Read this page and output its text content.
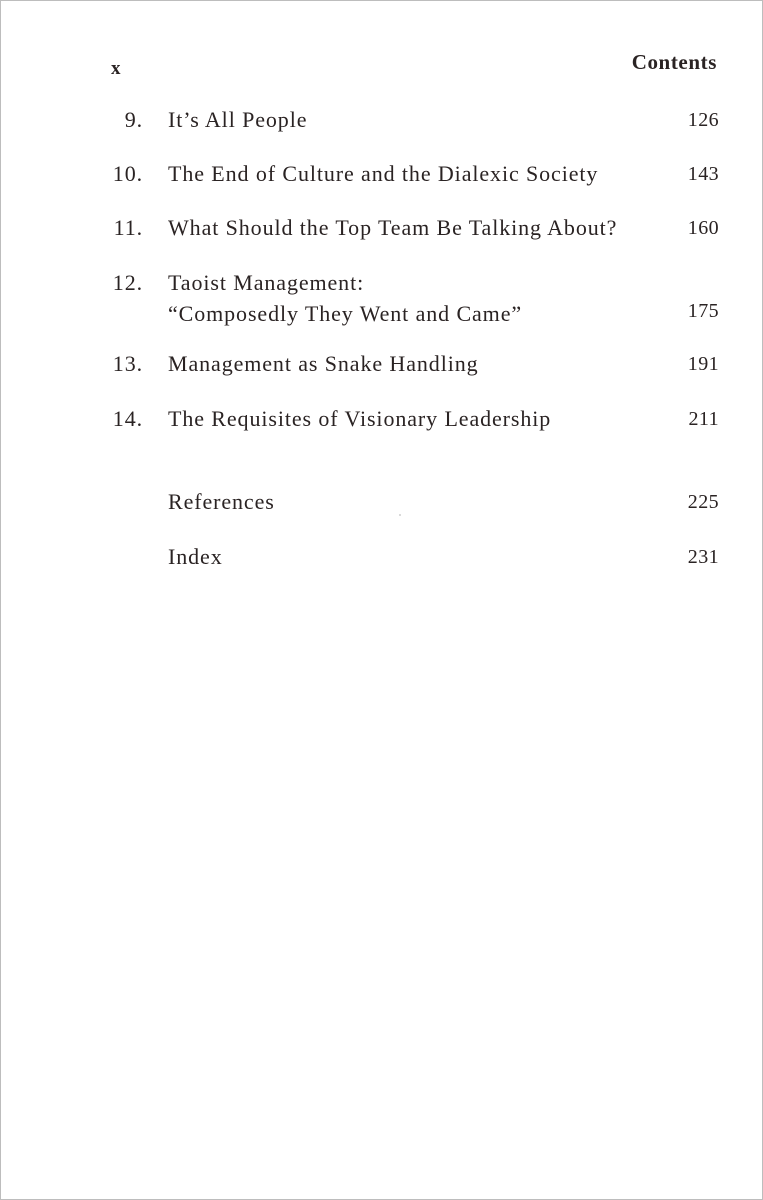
x	Contents
9. It’s All People	126
10. The End of Culture and the Dialexic Society	143
11. What Should the Top Team Be Talking About?	160
12. Taoist Management:
“Composedly They Went and Came”	175
13. Management as Snake Handling	191
14. The Requisites of Visionary Leadership	211
References	225
Index	231
